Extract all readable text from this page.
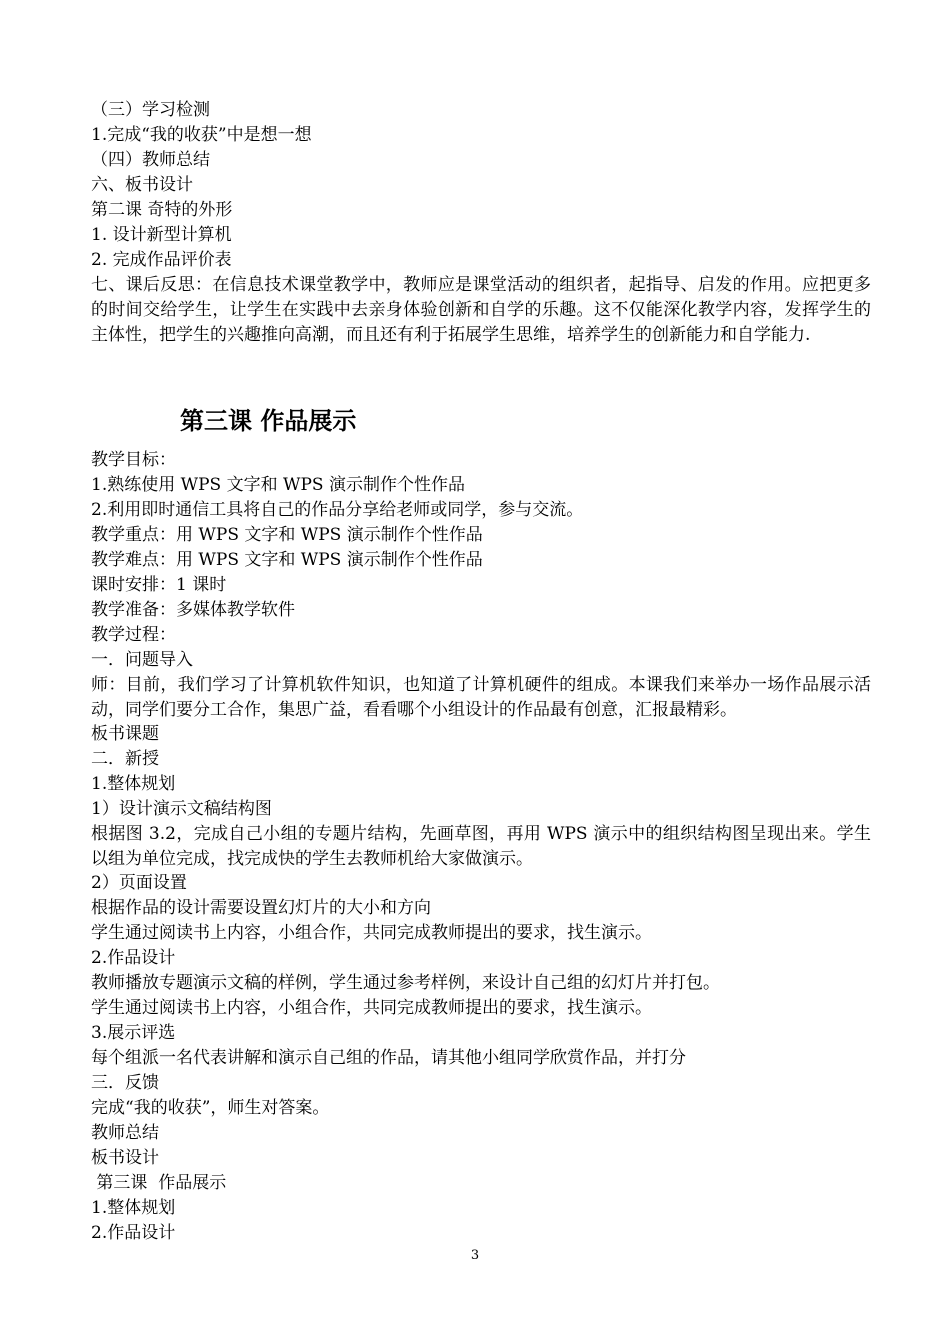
（三）学习检测
1.完成“我的收获”中是想一想
（四）教师总结
六、板书设计
第二课 奇特的外形
1. 设计新型计算机
2. 完成作品评价表
七、课后反思：在信息技术课堂教学中，教师应是课堂活动的组织者，起指导、启发的作用。应把更多的时间交给学生，让学生在实践中去亲身体验创新和自学的乐趣。这不仅能深化教学内容，发挥学生的主体性，把学生的兴趣推向高潮，而且还有利于拓展学生思维，培养学生的创新能力和自学能力.
第三课 作品展示
教学目标：
1.熟练使用 WPS 文字和 WPS 演示制作个性作品
2.利用即时通信工具将自己的作品分享给老师或同学，参与交流。
教学重点：用 WPS 文字和 WPS 演示制作个性作品
教学难点：用 WPS 文字和 WPS 演示制作个性作品
课时安排：1 课时
教学准备：多媒体教学软件
教学过程：
一．问题导入
师：目前，我们学习了计算机软件知识，也知道了计算机硬件的组成。本课我们来举办一场作品展示活动，同学们要分工合作，集思广益，看看哪个小组设计的作品最有创意，汇报最精彩。
板书课题
二．新授
1.整体规划
1）设计演示文稿结构图
根据图 3.2，完成自己小组的专题片结构，先画草图，再用 WPS 演示中的组织结构图呈现出来。学生以组为单位完成，找完成快的学生去教师机给大家做演示。
2）页面设置
根据作品的设计需要设置幻灯片的大小和方向
学生通过阅读书上内容，小组合作，共同完成教师提出的要求，找生演示。
2.作品设计
教师播放专题演示文稿的样例，学生通过参考样例，来设计自己组的幻灯片并打包。
学生通过阅读书上内容，小组合作，共同完成教师提出的要求，找生演示。
3.展示评选
每个组派一名代表讲解和演示自己组的作品，请其他小组同学欣赏作品，并打分
三．反馈
完成“我的收获”，师生对答案。
教师总结
板书设计
第三课  作品展示
1.整体规划
2.作品设计
3
